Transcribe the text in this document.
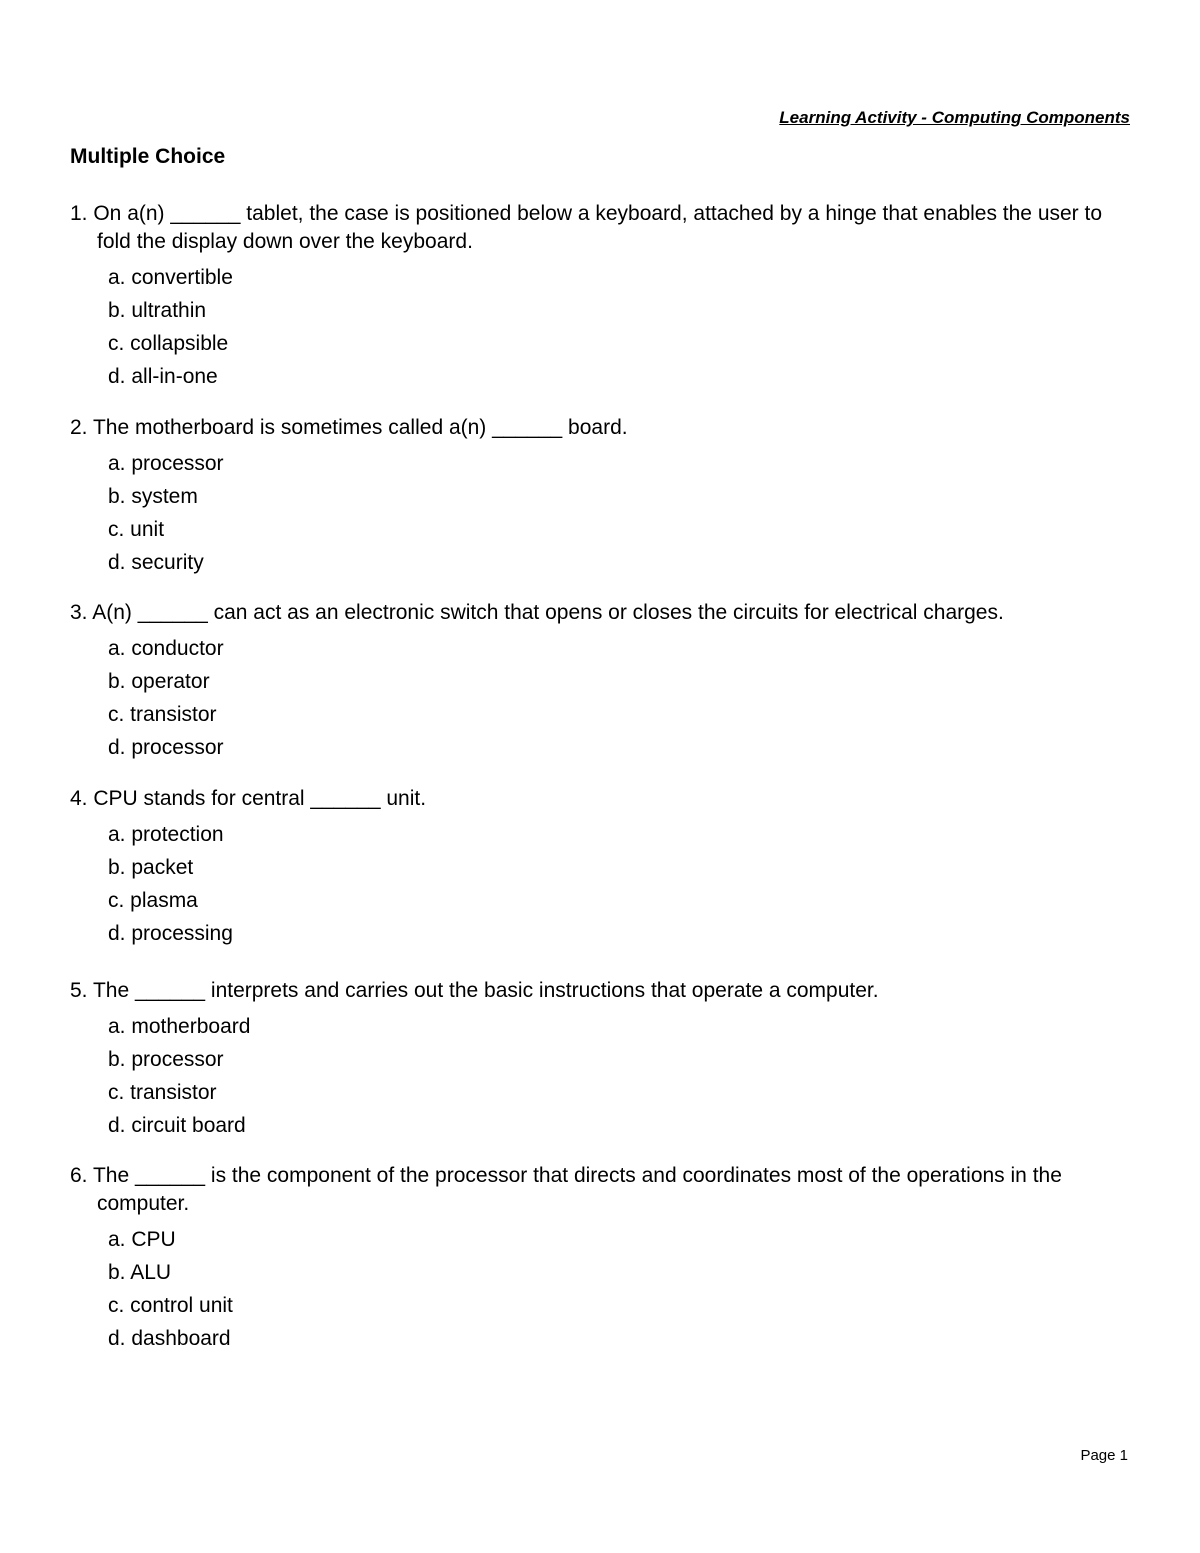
Learning Activity - Computing Components
Multiple Choice

1. On a(n) ______ tablet, the case is positioned below a keyboard, attached by a hinge that enables the user to fold the display down over the keyboard.

a. convertible
b. ultrathin
c. collapsible
d. all-in-one

2. The motherboard is sometimes called a(n) ______ board.

a. processor
b. system
c. unit
d. security

3. A(n) ______ can act as an electronic switch that opens or closes the circuits for electrical charges.

a. conductor
b. operator
c. transistor
d. processor

4. CPU stands for central ______ unit.

a. protection
b. packet
c. plasma
d. processing

5. The ______ interprets and carries out the basic instructions that operate a computer.

a. motherboard
b. processor
c. transistor
d. circuit board

6. The ______ is the component of the processor that directs and coordinates most of the operations in the computer.

a. CPU
b. ALU
c. control unit
d. dashboard
Page 1
